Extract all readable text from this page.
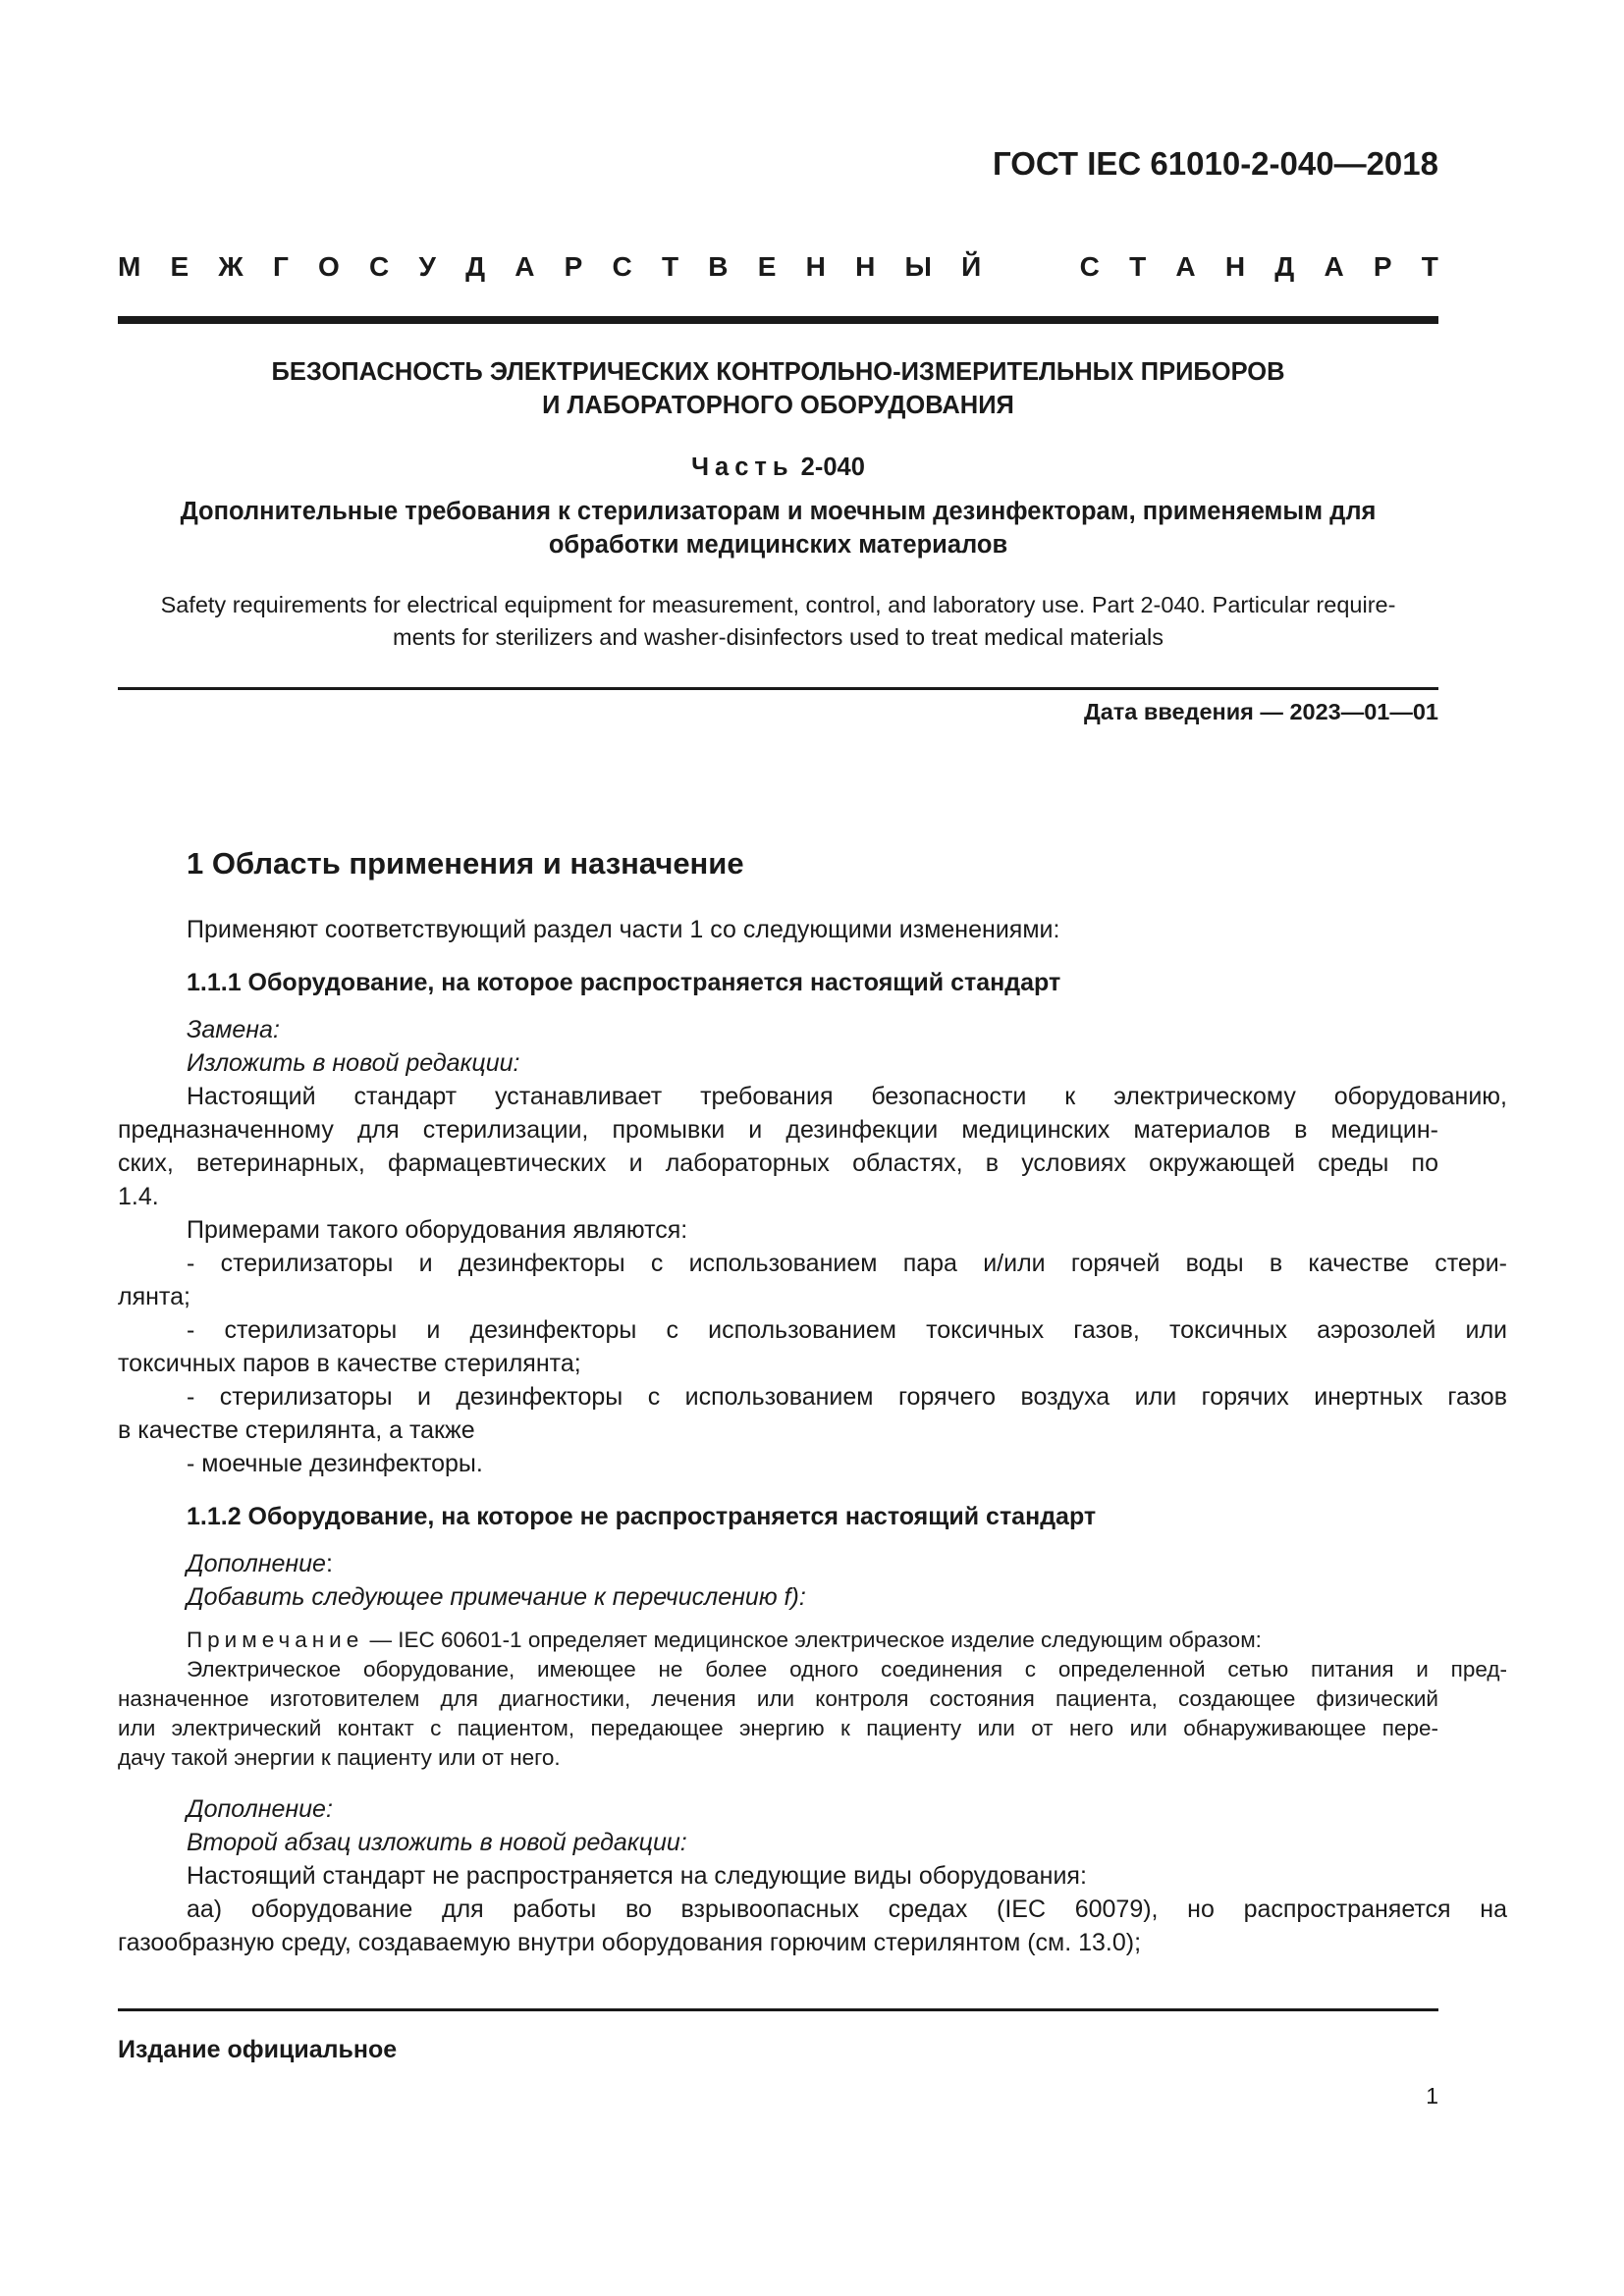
ГОСТ IEC 61010-2-040—2018
М Е Ж Г О С У Д А Р С Т В Е Н Н Ы Й	С Т А Н Д А Р Т
БЕЗОПАСНОСТЬ ЭЛЕКТРИЧЕСКИХ КОНТРОЛЬНО-ИЗМЕРИТЕЛЬНЫХ ПРИБОРОВ
И ЛАБОРАТОРНОГО ОБОРУДОВАНИЯ
Часть 2-040
Дополнительные требования к стерилизаторам и моечным дезинфекторам, применяемым для
обработки медицинских материалов
Safety requirements for electrical equipment for measurement, control, and laboratory use. Part 2-040. Particular require-
ments for sterilizers and washer-disinfectors used to treat medical materials
Дата введения — 2023—01—01
1 Область применения и назначение
Применяют соответствующий раздел части 1 со следующими изменениями:
1.1.1 Оборудование, на которое распространяется настоящий стандарт
Замена:
Изложить в новой редакции:
Настоящий стандарт устанавливает требования безопасности к электрическому оборудованию,
предназначенному для стерилизации, промывки и дезинфекции медицинских материалов в медицин-
ских, ветеринарных, фармацевтических и лабораторных областях, в условиях окружающей среды по
1.4.
Примерами такого оборудования являются:
- стерилизаторы и дезинфекторы с использованием пара и/или горячей воды в качестве стери-
лянта;
- стерилизаторы и дезинфекторы с использованием токсичных газов, токсичных аэрозолей или
токсичных паров в качестве стерилянта;
- стерилизаторы и дезинфекторы с использованием горячего воздуха или горячих инертных газов
в качестве стерилянта, а также
- моечные дезинфекторы.
1.1.2 Оборудование, на которое не распространяется настоящий стандарт
Дополнение:
Добавить следующее примечание к перечислению f):
Примечание — IEC 60601-1 определяет медицинское электрическое изделие следующим образом:
Электрическое оборудование, имеющее не более одного соединения с определенной сетью питания и пред-
назначенное изготовителем для диагностики, лечения или контроля состояния пациента, создающее физический
или электрический контакт с пациентом, передающее энергию к пациенту или от него или обнаруживающее пере-
дачу такой энергии к пациенту или от него.
Дополнение:
Второй абзац изложить в новой редакции:
Настоящий стандарт не распространяется на следующие виды оборудования:
аа) оборудование для работы во взрывоопасных средах (IEC 60079), но распространяется на
газообразную среду, создаваемую внутри оборудования горючим стерилянтом (см. 13.0);
Издание официальное
1
